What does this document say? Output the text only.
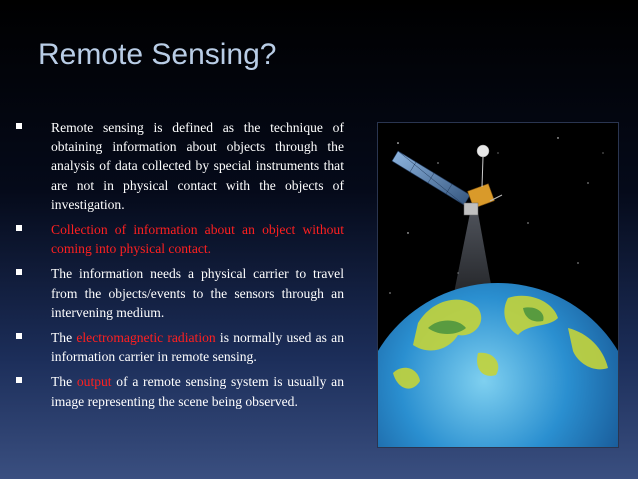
Remote Sensing?
Remote sensing is defined as the technique of obtaining information about objects through the analysis of data collected by special instruments that are not in physical contact with the objects of investigation.
Collection of information about an object without coming into physical contact.
The information needs a physical carrier to travel from the objects/events to the sensors through an intervening medium.
The electromagnetic radiation is normally used as an information carrier in remote sensing.
The output of a remote sensing system is usually an image representing the scene being observed.
